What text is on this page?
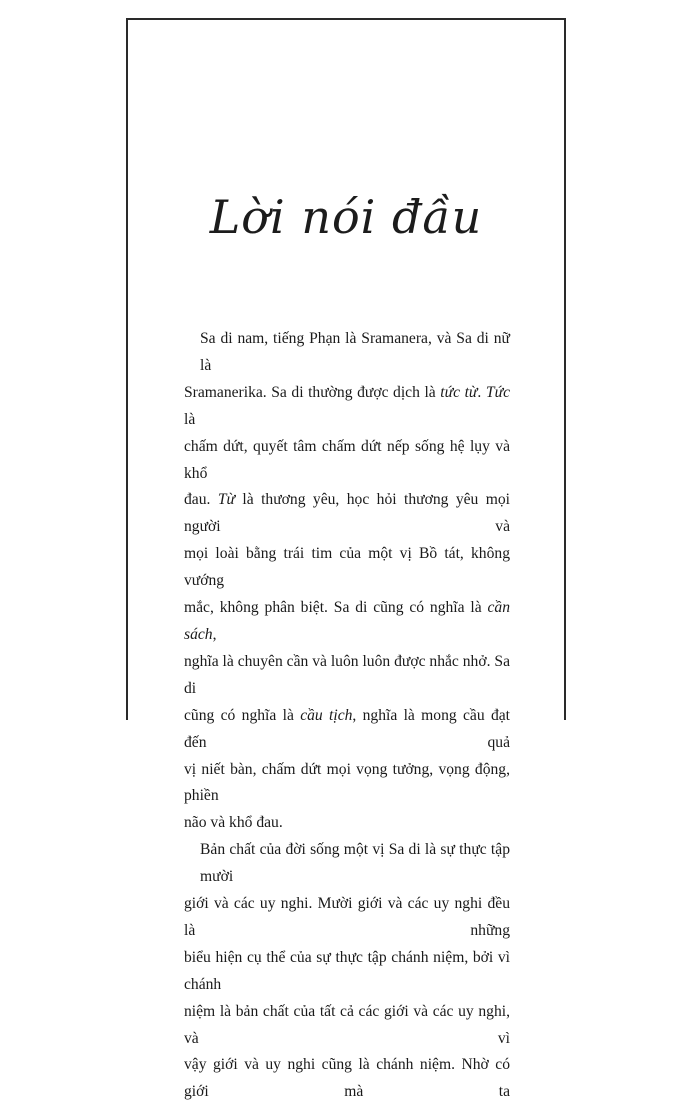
Lời nói đầu

Sa di nam, tiếng Phạn là Sramanera, và Sa di nữ là
Sramanerika. Sa di thường được dịch là tức từ. Tức là
chấm dứt, quyết tâm chấm dứt nếp sống hệ lụy và khổ
đau. Từ là thương yêu, học hỏi thương yêu mọi người và
mọi loài bằng trái tim của một vị Bồ tát, không vướng
mắc, không phân biệt. Sa di cũng có nghĩa là cần sách,
nghĩa là chuyên cần và luôn luôn được nhắc nhở. Sa di
cũng có nghĩa là cầu tịch, nghĩa là mong cầu đạt đến quả
vị niết bàn, chấm dứt mọi vọng tưởng, vọng động, phiền
não và khổ đau.

Bản chất của đời sống một vị Sa di là sự thực tập mười
giới và các uy nghi. Mười giới và các uy nghi đều là những
biểu hiện cụ thể của sự thực tập chánh niệm, bởi vì chánh
niệm là bản chất của tất cả các giới và các uy nghi, và vì
vậy giới và uy nghi cũng là chánh niệm. Nhờ có giới mà ta
